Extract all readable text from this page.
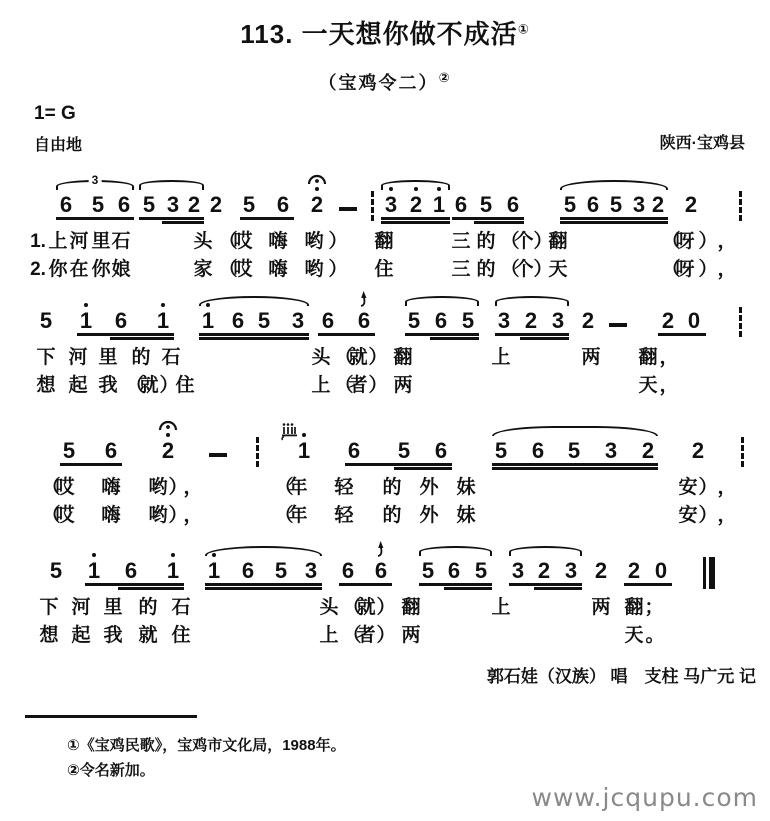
113. 一天想你做不成活①
（宝鸡令二）②
1= G
自由地	陕西·宝鸡县
3
6 5 6 5 3 2 2 5 6 2	3 2 1 6 5 6 5 6 5 3 2 2
1. 上 河 里 石	头 （
哎 嗨 哟 ） 翻	三 的 （
个 ）
翻	（
呀 ） ，
2. 你 在 你 娘	家 （
哎 嗨 哟 ） 住	三 的 （
个 ）
天	（
呀 ） ，
5 1 6 1 1 6 5 3 6 6 5 6 5 3 2 3 2	2 0
下 河 里 的 石	头 （
就 ） 翻	上	两 翻 ，
想 起 我 （
就 ）
住	上 （
者 ） 两	天 ，
5 6 2	1 6 5 6 5 6 5 3 2 2
（
哎 嗨 哟 ）
，	（
年 轻 的 外 妹	安 ） ，
（
哎 嗨 哟 ）
，	（
年 轻 的 外 妹	安 ） ，
5 1 6 1 1 6 5 3 6 6 5 6 5 3 2 3 2 2 0
下 河 里 的 石	头 （
就 ） 翻	上	两 翻 ；
想 起 我 就 住	上 （
者 ） 两	天 。
郭石娃（汉族） 唱　支柱 马广元 记
①《宝鸡民歌》，宝鸡市文化局，1988年。
②令名新加。
www.jcqupu.com
